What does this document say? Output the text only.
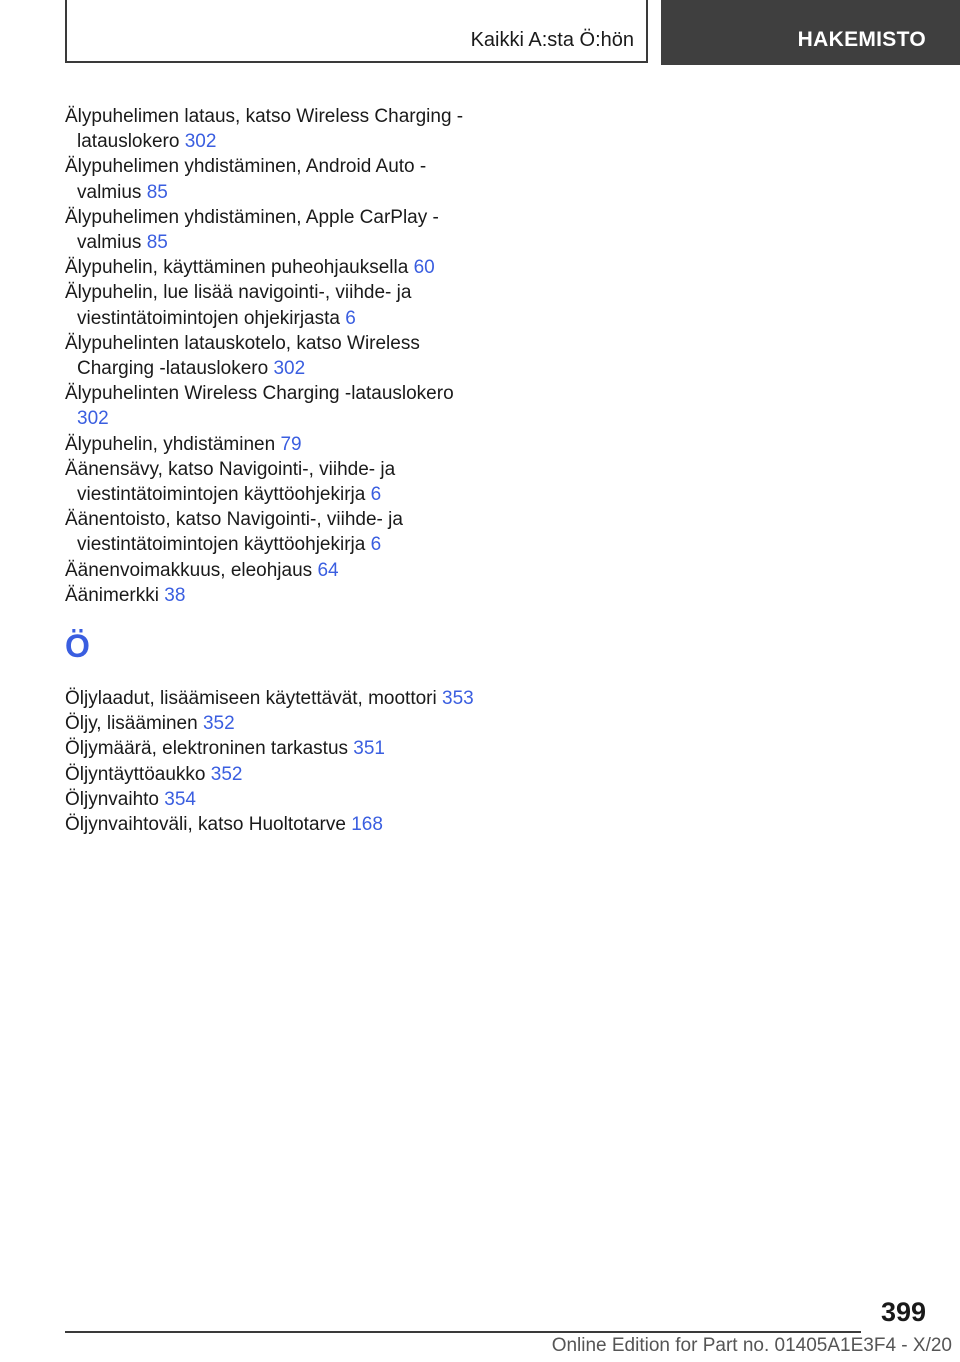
Kaikki A:sta Ö:hön	HAKEMISTO
Älypuhelimen lataus, katso Wireless Charging -latauslokero 302
Älypuhelimen yhdistäminen, Android Auto -valmius 85
Älypuhelimen yhdistäminen, Apple CarPlay -valmius 85
Älypuhelin, käyttäminen puheohjauksella 60
Älypuhelin, lue lisää navigointi-, viihde- ja viestintätoimintojen ohjekirjasta 6
Älypuhelinten latauskotelo, katso Wireless Charging -latauslokero 302
Älypuhelinten Wireless Charging -latauslokero 302
Älypuhelin, yhdistäminen 79
Äänensävy, katso Navigointi-, viihde- ja viestintätoimintojen käyttöohjekirja 6
Äänentoisto, katso Navigointi-, viihde- ja viestintätoimintojen käyttöohjekirja 6
Äänenvoimakkuus, eleohjaus 64
Äänimerkki 38
Ö
Öljylaadut, lisäämiseen käytettävät, moottori 353
Öljy, lisääminen 352
Öljymäärä, elektroninen tarkastus 351
Öljyntäyttöaukko 352
Öljynvaihto 354
Öljynvaihtoväli, katso Huoltotarve 168
399
Online Edition for Part no. 01405A1E3F4 - X/20
